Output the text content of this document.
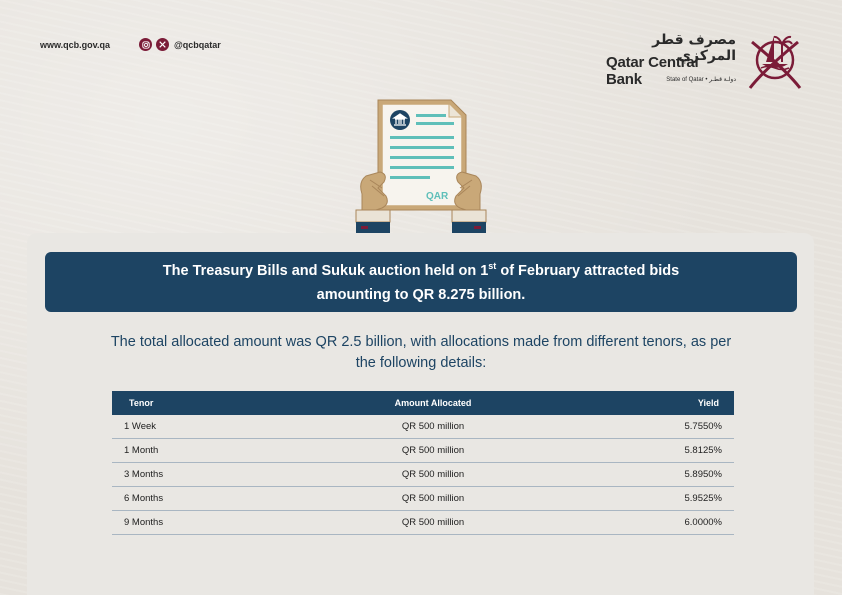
www.qcb.gov.qa	@qcbqatar	مصرف قطر المركزي
Qatar Central Bank	State of Qatar • دولـة قطـر
QAR
The Treasury Bills and Sukuk auction held on 1st of February attracted bids
amounting to QR 8.275 billion.
The total allocated amount was QR 2.5 billion, with allocations made from different tenors, as per
the following details:
Tenor	Amount Allocated	Yield
1 Week	QR 500 million	5.7550%
1 Month	QR 500 million	5.8125%
3 Months	QR 500 million	5.8950%
6 Months	QR 500 million	5.9525%
9 Months	QR 500 million	6.0000%
